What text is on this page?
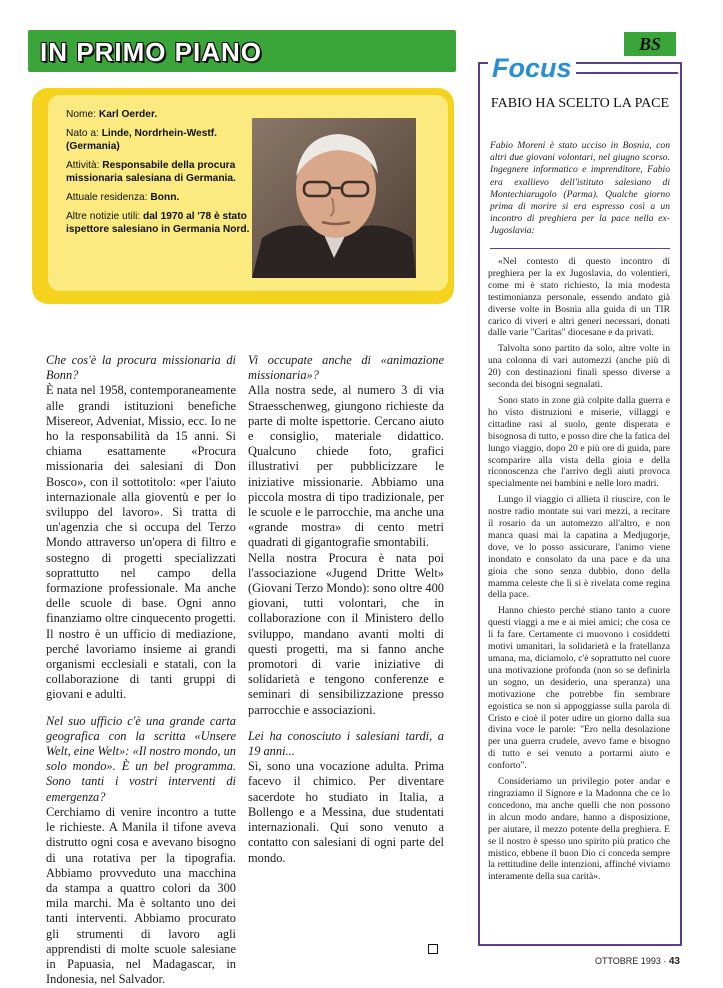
IN PRIMO PIANO	BS
Nome: Karl Oerder.
Nato a: Linde, Nordrhein-Westf. (Germania)
Attività: Responsabile della procura missionaria salesiana di Germania.
Attuale residenza: Bonn.
Altre notizie utili: dal 1970 al '78 è stato ispettore salesiano in Germania Nord.

Che cos'è la procura missionaria di Bonn?

È nata nel 1958, contemporaneamente alle grandi istituzioni benefiche Misereor, Adveniat, Missio, ecc. Io ne ho la responsabilità da 15 anni. Si chiama esattamente «Procura missionaria dei salesiani di Don Bosco», con il sottotitolo: «per l'aiuto internazionale alla gioventù e per lo sviluppo del lavoro». Si tratta di un'agenzia che si occupa del Terzo Mondo attraverso un'opera di filtro e sostegno di progetti specializzati soprattutto nel campo della formazione professionale. Ma anche delle scuole di base. Ogni anno finanziamo oltre cinquecento progetti. Il nostro è un ufficio di mediazione, perché lavoriamo insieme ai grandi organismi ecclesiali e statali, con la collaborazione di tanti gruppi di giovani e adulti.

Nel suo ufficio c'è una grande carta geografica con la scritta «Unsere Welt, eine Welt»: «Il nostro mondo, un solo mondo». È un bel programma. Sono tanti i vostri interventi di emergenza?

Cerchiamo di venire incontro a tutte le richieste. A Manila il tifone aveva distrutto ogni cosa e avevano bisogno di una rotativa per la tipografia. Abbiamo provveduto una macchina da stampa a quattro colori da 300 mila marchi. Ma è soltanto uno dei tanti interventi. Abbiamo procurato gli strumenti di lavoro agli apprendisti di molte scuole salesiane in Papuasia, nel Madagascar, in Indonesia, nel Salvador.

Vi occupate anche di «animazione missionaria»?

Alla nostra sede, al numero 3 di via Straesschenweg, giungono richieste da parte di molte ispettorie. Cercano aiuto e consiglio, materiale didattico. Qualcuno chiede foto, grafici illustrativi per pubblicizzare le iniziative missionarie. Abbiamo una piccola mostra di tipo tradizionale, per le scuole e le parrocchie, ma anche una «grande mostra» di cento metri quadrati di gigantografie smontabili.

Nella nostra Procura è nata poi l'associazione «Jugend Dritte Welt» (Giovani Terzo Mondo): sono oltre 400 giovani, tutti volontari, che in collaborazione con il Ministero dello sviluppo, mandano avanti molti di questi progetti, ma si fanno anche promotori di varie iniziative di solidarietà e tengono conferenze e seminari di sensibilizzazione presso parrocchie e associazioni.

Lei ha conosciuto i salesiani tardi, a 19 anni...

Sì, sono una vocazione adulta. Prima facevo il chimico. Per diventare sacerdote ho studiato in Italia, a Bollengo e a Messina, due studentati internazionali. Qui sono venuto a contatto con salesiani di ogni parte del mondo.

Focus
FABIO HA SCELTO LA PACE
Fabio Moreni è stato ucciso in Bosnia, con altri due giovani volontari, nel giugno scorso. Ingegnere informatico e imprenditore, Fabio era exallievo dell'istituto salesiano di Montechiarugolo (Parma). Qualche giorno prima di morire si era espresso così a un incontro di preghiera per la pace nella ex-Jugoslavia:

«Nel contesto di questo incontro di preghiera per la ex Jugoslavia, do volentieri, come mi è stato richiesto, la mia modesta testimonianza personale, essendo andato già diverse volte in Bosnia alla guida di un TIR carico di viveri e altri generi necessari, donati dalle varie "Caritas" diocesane e da privati.

Talvolta sono partito da solo, altre volte in una colonna di vari automezzi (anche più di 20) con destinazioni finali spesso diverse a seconda dei bisogni segnalati.

Sono stato in zone già colpite dalla guerra e ho visto distruzioni e miserie, villaggi e cittadine rasi al suolo, gente disperata e bisognosa di tutto, e posso dire che la fatica del lungo viaggio, dopo 20 e più ore di guida, pare scomparire alla vista della gioia e della riconoscenza che l'arrivo degli aiuti provoca specialmente nei bambini e nelle loro madri.

Lungo il viaggio ci allieta il riuscire, con le nostre radio montate sui vari mezzi, a recitare il rosario da un automezzo all'altro, e non manca quasi mai la capatina a Medjugorje, dove, ve lo posso assicurare, l'animo viene inondato e consolato da una pace e da una gioia che sono senza dubbio, dono della mamma celeste che lì si è rivelata come regina della pace.

Hanno chiesto perché stiano tanto a cuore questi viaggi a me e ai miei amici; che cosa ce li fa fare. Certamente ci muovono i cosiddetti motivi umanitari, la solidarietà e la fratellanza umana, ma, diciamolo, c'è soprattutto nel cuore una motivazione profonda (non so se definirla un sogno, un desiderio, una speranza) una motivazione che potrebbe fin sembrare egoistica se non si appoggiasse sulla parola di Cristo e cioè il poter udire un giorno dalla sua divina voce le parole: "Ero nella desolazione per una guerra crudele, avevo fame e bisogno di tutto e sei venuto a portarmi aiuto e conforto".

Consideriamo un privilegio poter andar e ringraziamo il Signore e la Madonna che ce lo concedono, ma anche quelli che non possono in alcun modo andare, hanno a disposizione, per aiutare, il mezzo potente della preghiera. E se il nostro è spesso uno spirito più pratico che mistico, ebbene il buon Dio ci conceda sempre la rettitudine delle intenzioni, affinché viviamo interamente della sua carità».

OTTOBRE 1993 · 43
